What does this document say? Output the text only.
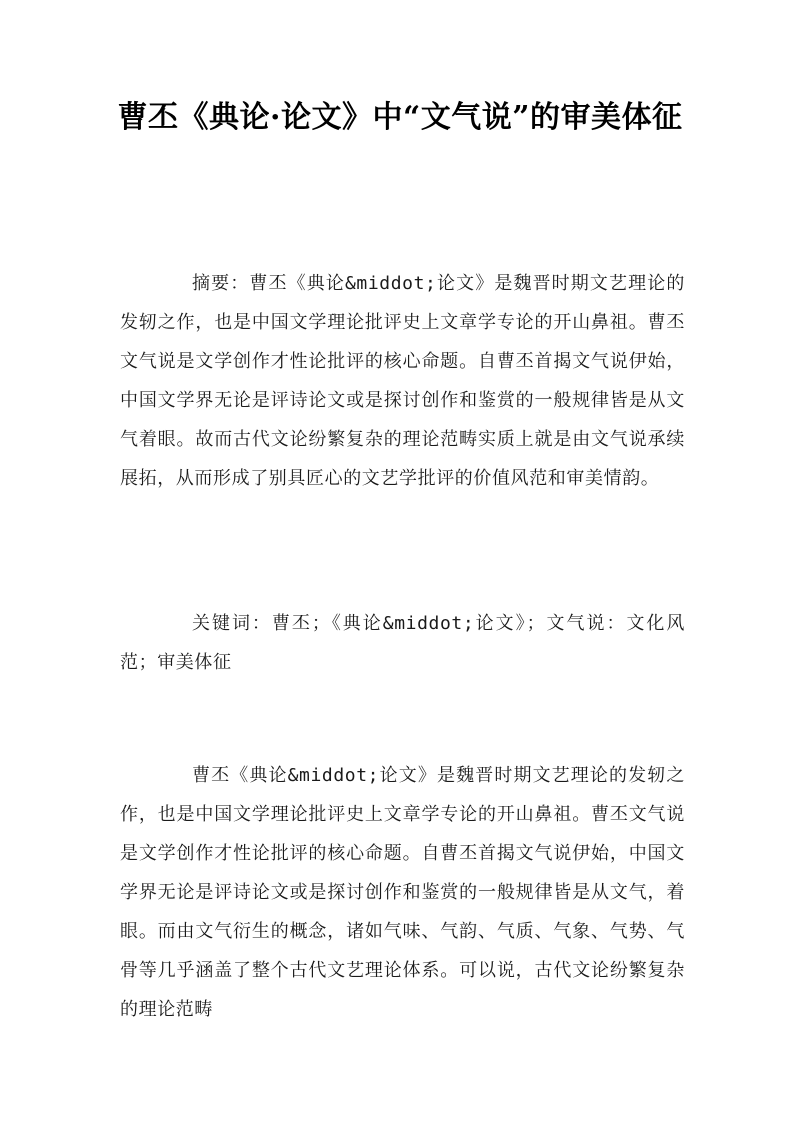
曹丕《典论·论文》中“文气说”的审美体征

摘要：曹丕《典论&middot;论文》是魏晋时期文艺理论的发轫之作，也是中国文学理论批评史上文章学专论的开山鼻祖。曹丕文气说是文学创作才性论批评的核心命题。自曹丕首揭文气说伊始，中国文学界无论是评诗论文或是探讨创作和鉴赏的一般规律皆是从文气着眼。故而古代文论纷繁复杂的理论范畴实质上就是由文气说承续展拓，从而形成了别具匠心的文艺学批评的价值风范和审美情韵。

关键词：曹丕；《典论&middot;论文》；文气说：文化风范；审美体征

曹丕《典论&middot;论文》是魏晋时期文艺理论的发轫之作，也是中国文学理论批评史上文章学专论的开山鼻祖。曹丕文气说是文学创作才性论批评的核心命题。自曹丕首揭文气说伊始，中国文学界无论是评诗论文或是探讨创作和鉴赏的一般规律皆是从文气，着眼。而由文气衍生的概念，诸如气味、气韵、气质、气象、气势、气骨等几乎涵盖了整个古代文艺理论体系。可以说，古代文论纷繁复杂的理论范畴
